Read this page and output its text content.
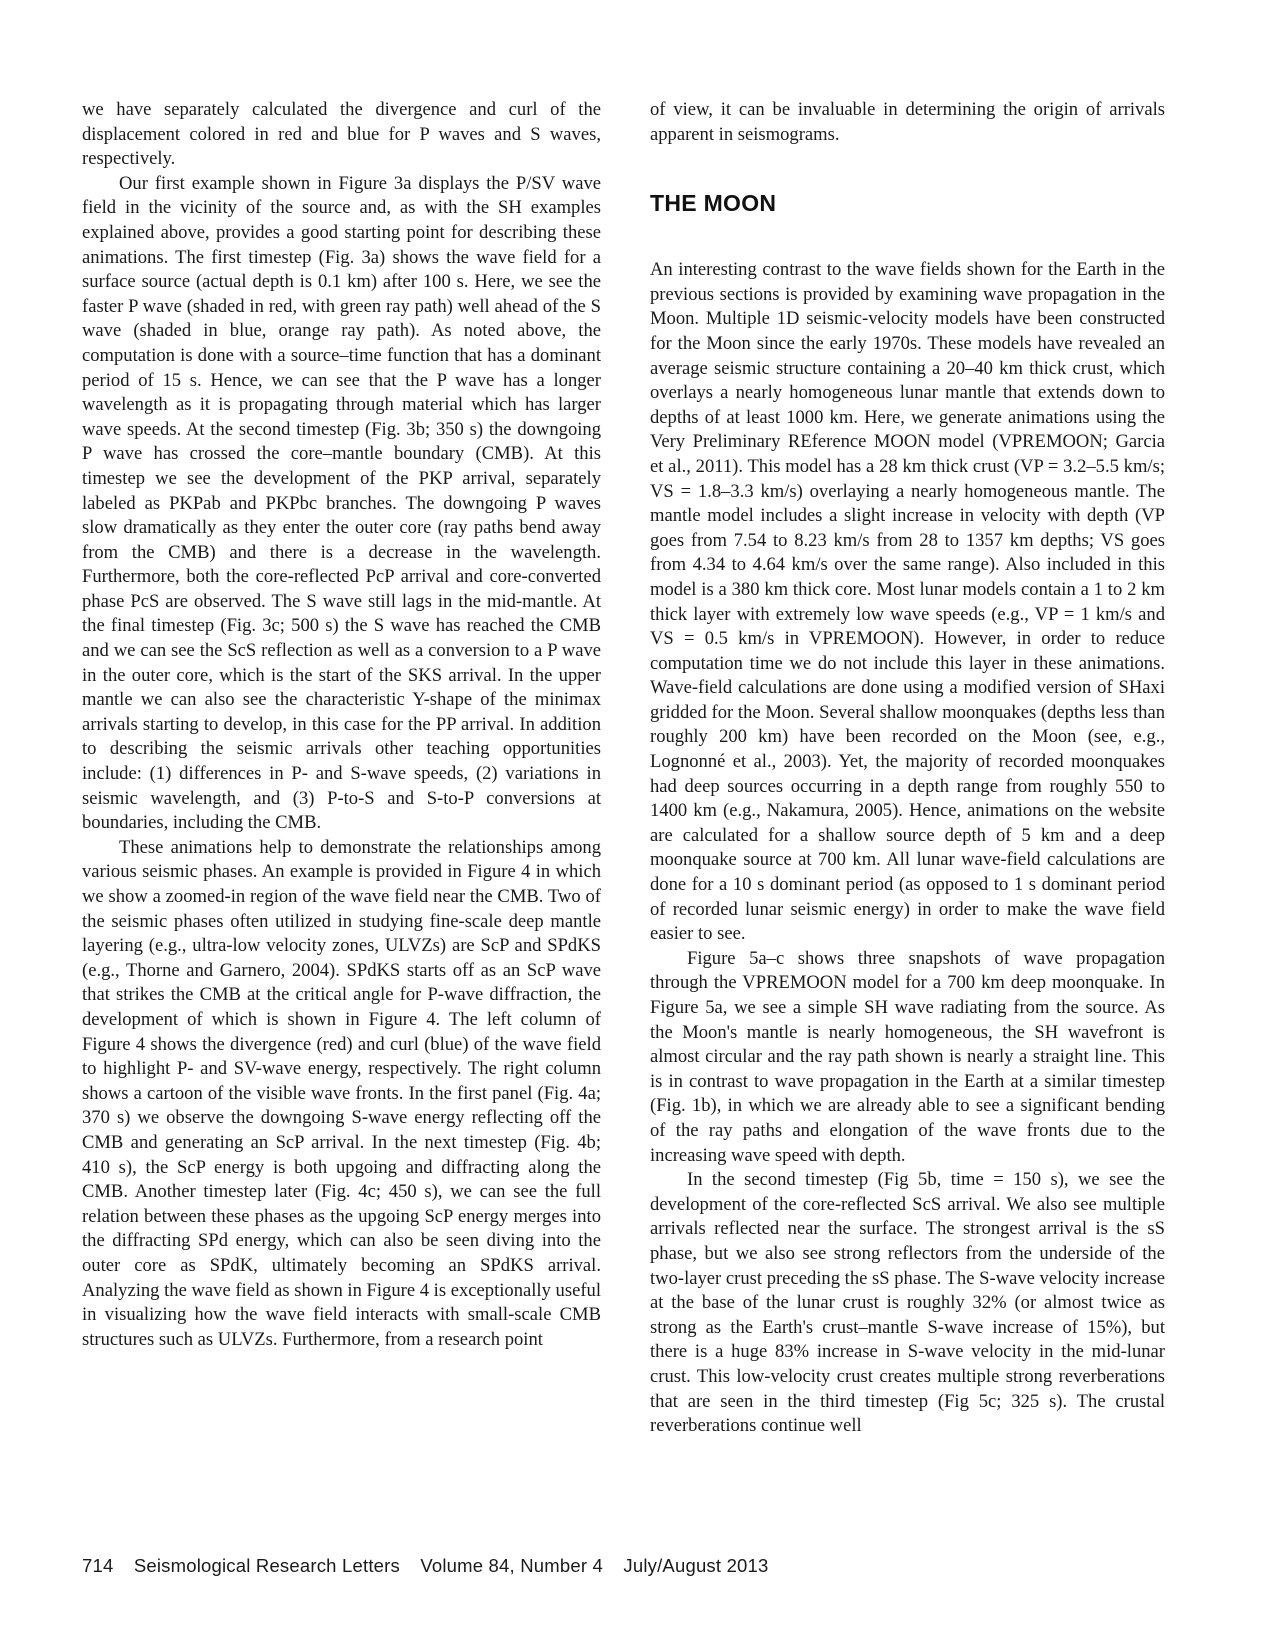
we have separately calculated the divergence and curl of the displacement colored in red and blue for P waves and S waves, respectively.

Our first example shown in Figure 3a displays the P/SV wave field in the vicinity of the source and, as with the SH examples explained above, provides a good starting point for describing these animations. The first timestep (Fig. 3a) shows the wave field for a surface source (actual depth is 0.1 km) after 100 s. Here, we see the faster P wave (shaded in red, with green ray path) well ahead of the S wave (shaded in blue, orange ray path). As noted above, the computation is done with a source–time function that has a dominant period of 15 s. Hence, we can see that the P wave has a longer wavelength as it is propagating through material which has larger wave speeds. At the second timestep (Fig. 3b; 350 s) the downgoing P wave has crossed the core–mantle boundary (CMB). At this timestep we see the development of the PKP arrival, separately labeled as PKPab and PKPbc branches. The downgoing P waves slow dramatically as they enter the outer core (ray paths bend away from the CMB) and there is a decrease in the wavelength. Furthermore, both the core-reflected PcP arrival and core-converted phase PcS are observed. The S wave still lags in the mid-mantle. At the final timestep (Fig. 3c; 500 s) the S wave has reached the CMB and we can see the ScS reflection as well as a conversion to a P wave in the outer core, which is the start of the SKS arrival. In the upper mantle we can also see the characteristic Y-shape of the minimax arrivals starting to develop, in this case for the PP arrival. In addition to describing the seismic arrivals other teaching opportunities include: (1) differences in P- and S-wave speeds, (2) variations in seismic wavelength, and (3) P-to-S and S-to-P conversions at boundaries, including the CMB.

These animations help to demonstrate the relationships among various seismic phases. An example is provided in Figure 4 in which we show a zoomed-in region of the wave field near the CMB. Two of the seismic phases often utilized in studying fine-scale deep mantle layering (e.g., ultra-low velocity zones, ULVZs) are ScP and SPdKS (e.g., Thorne and Garnero, 2004). SPdKS starts off as an ScP wave that strikes the CMB at the critical angle for P-wave diffraction, the development of which is shown in Figure 4. The left column of Figure 4 shows the divergence (red) and curl (blue) of the wave field to highlight P- and SV-wave energy, respectively. The right column shows a cartoon of the visible wave fronts. In the first panel (Fig. 4a; 370 s) we observe the downgoing S-wave energy reflecting off the CMB and generating an ScP arrival. In the next timestep (Fig. 4b; 410 s), the ScP energy is both upgoing and diffracting along the CMB. Another timestep later (Fig. 4c; 450 s), we can see the full relation between these phases as the upgoing ScP energy merges into the diffracting SPd energy, which can also be seen diving into the outer core as SPdK, ultimately becoming an SPdKS arrival. Analyzing the wave field as shown in Figure 4 is exceptionally useful in visualizing how the wave field interacts with small-scale CMB structures such as ULVZs. Furthermore, from a research point

of view, it can be invaluable in determining the origin of arrivals apparent in seismograms.

THE MOON

An interesting contrast to the wave fields shown for the Earth in the previous sections is provided by examining wave propagation in the Moon. Multiple 1D seismic-velocity models have been constructed for the Moon since the early 1970s. These models have revealed an average seismic structure containing a 20–40 km thick crust, which overlays a nearly homogeneous lunar mantle that extends down to depths of at least 1000 km. Here, we generate animations using the Very Preliminary REference MOON model (VPREMOON; Garcia et al., 2011). This model has a 28 km thick crust (VP = 3.2–5.5 km/s; VS = 1.8–3.3 km/s) overlaying a nearly homogeneous mantle. The mantle model includes a slight increase in velocity with depth (VP goes from 7.54 to 8.23 km/s from 28 to 1357 km depths; VS goes from 4.34 to 4.64 km/s over the same range). Also included in this model is a 380 km thick core. Most lunar models contain a 1 to 2 km thick layer with extremely low wave speeds (e.g., VP = 1 km/s and VS = 0.5 km/s in VPREMOON). However, in order to reduce computation time we do not include this layer in these animations. Wave-field calculations are done using a modified version of SHaxi gridded for the Moon. Several shallow moonquakes (depths less than roughly 200 km) have been recorded on the Moon (see, e.g., Lognonné et al., 2003). Yet, the majority of recorded moonquakes had deep sources occurring in a depth range from roughly 550 to 1400 km (e.g., Nakamura, 2005). Hence, animations on the website are calculated for a shallow source depth of 5 km and a deep moonquake source at 700 km. All lunar wave-field calculations are done for a 10 s dominant period (as opposed to 1 s dominant period of recorded lunar seismic energy) in order to make the wave field easier to see.

Figure 5a–c shows three snapshots of wave propagation through the VPREMOON model for a 700 km deep moonquake. In Figure 5a, we see a simple SH wave radiating from the source. As the Moon's mantle is nearly homogeneous, the SH wavefront is almost circular and the ray path shown is nearly a straight line. This is in contrast to wave propagation in the Earth at a similar timestep (Fig. 1b), in which we are already able to see a significant bending of the ray paths and elongation of the wave fronts due to the increasing wave speed with depth.

In the second timestep (Fig 5b, time = 150 s), we see the development of the core-reflected ScS arrival. We also see multiple arrivals reflected near the surface. The strongest arrival is the sS phase, but we also see strong reflectors from the underside of the two-layer crust preceding the sS phase. The S-wave velocity increase at the base of the lunar crust is roughly 32% (or almost twice as strong as the Earth's crust–mantle S-wave increase of 15%), but there is a huge 83% increase in S-wave velocity in the mid-lunar crust. This low-velocity crust creates multiple strong reverberations that are seen in the third timestep (Fig 5c; 325 s). The crustal reverberations continue well

714 Seismological Research Letters Volume 84, Number 4 July/August 2013
